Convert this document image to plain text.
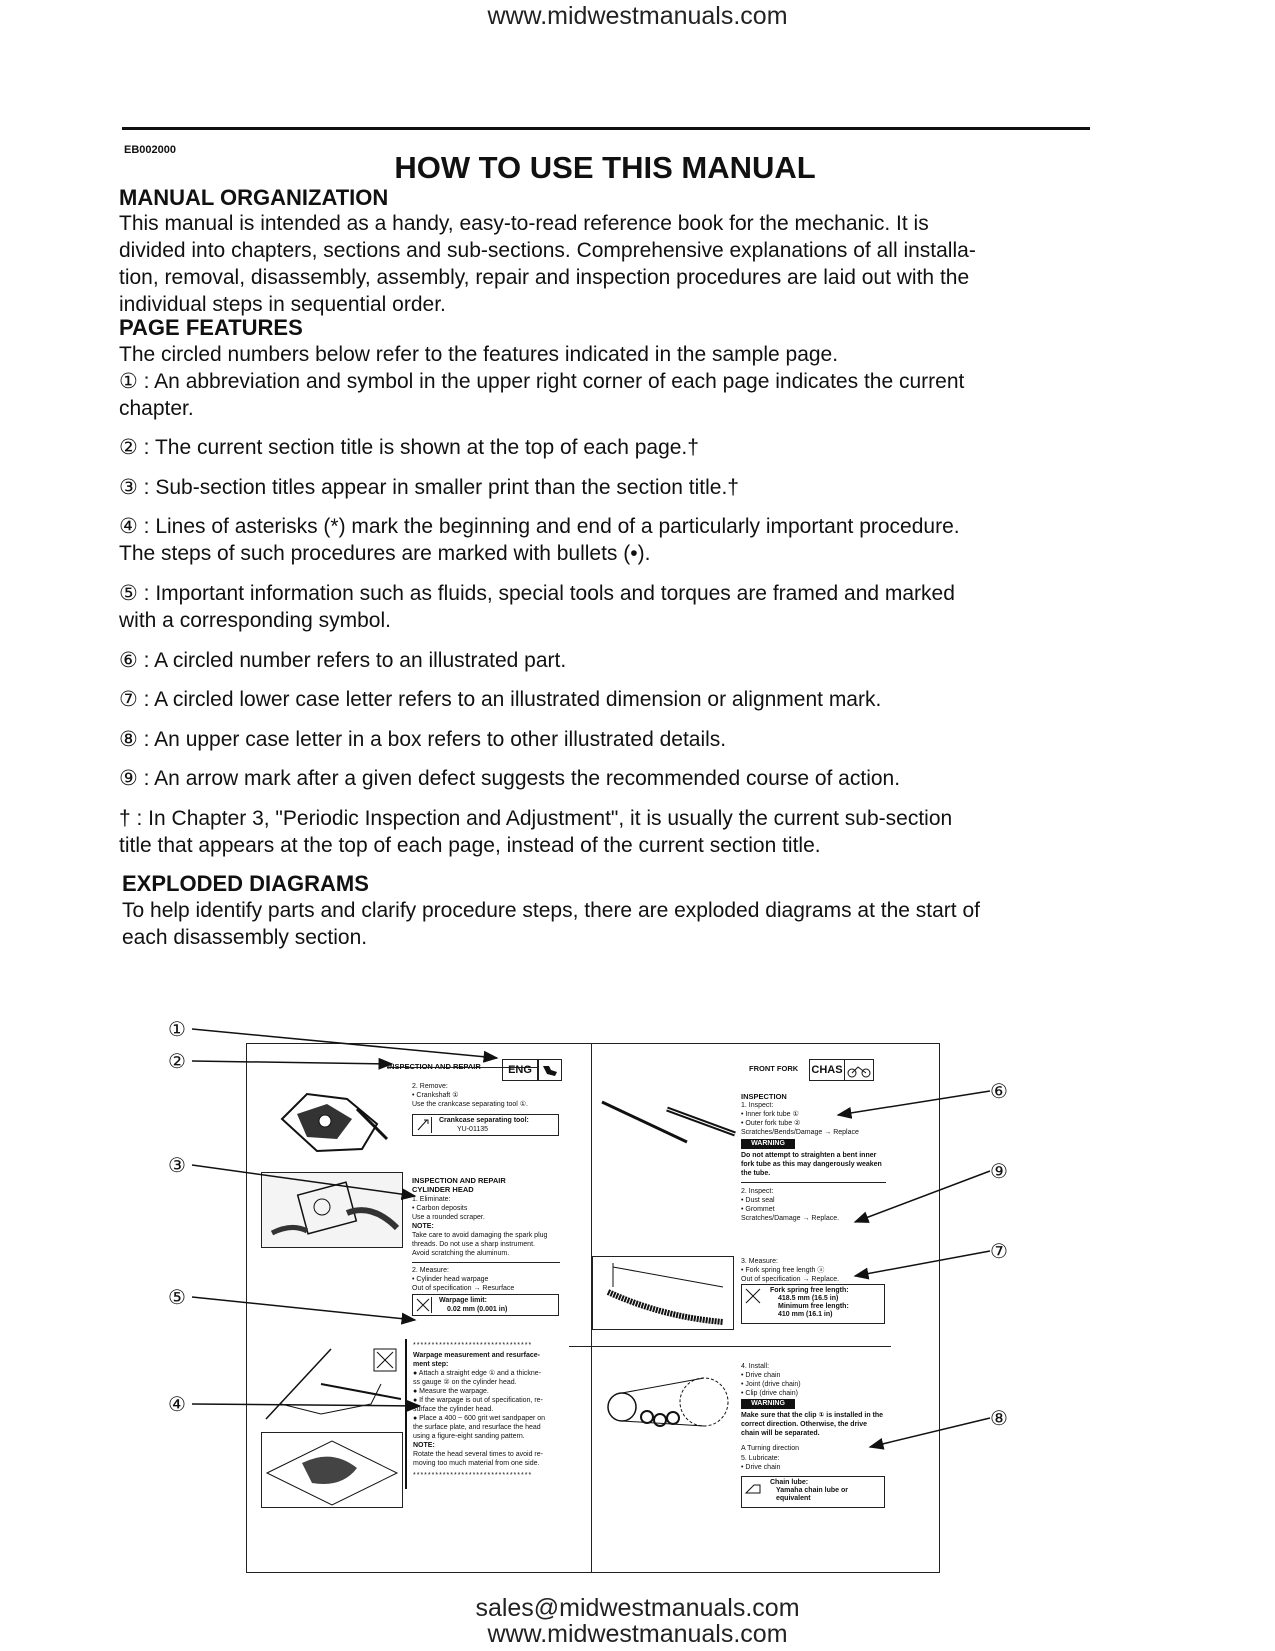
www.midwestmanuals.com
EB002000	HOW TO USE THIS MANUAL
MANUAL ORGANIZATION
This manual is intended as a handy, easy-to-read reference book for the mechanic. It is
divided into chapters, sections and sub-sections. Comprehensive explanations of all installa-
tion, removal, disassembly, assembly, repair and inspection procedures are laid out with the
individual steps in sequential order.
PAGE FEATURES
The circled numbers below refer to the features indicated in the sample page.
① : An abbreviation and symbol in the upper right corner of each page indicates the current
chapter.
② : The current section title is shown at the top of each page.†
③ : Sub-section titles appear in smaller print than the section title.†
④ : Lines of asterisks (*) mark the beginning and end of a particularly important procedure.
The steps of such procedures are marked with bullets (•).
⑤ : Important information such as fluids, special tools and torques are framed and marked
with a corresponding symbol.
⑥ : A circled number refers to an illustrated part.
⑦ : A circled lower case letter refers to an illustrated dimension or alignment mark.
⑧ : An upper case letter in a box refers to other illustrated details.
⑨ : An arrow mark after a given defect suggests the recommended course of action.
† : In Chapter 3, "Periodic Inspection and Adjustment", it is usually the current sub-section
title that appears at the top of each page, instead of the current section title.
EXPLODED DIAGRAMS
To help identify parts and clarify procedure steps, there are exploded diagrams at the start of
each disassembly section.
INSPECTION AND REPAIR	ENG
2. Remove:
• Crankshaft ①
Use the crankcase separating tool ①.
Crankcase separating tool:
YU-01135
INSPECTION AND REPAIR
CYLINDER HEAD
1. Eliminate:
• Carbon deposits
Use a rounded scraper.
NOTE:
Take care to avoid damaging the spark plug
threads. Do not use a sharp instrument.
Avoid scratching the aluminum.
2. Measure:
• Cylinder head warpage
Out of specification → Resurface
Warpage limit:
0.02 mm (0.001 in)
********************************
Warpage measurement and resurface-
ment step:
● Attach a straight edge ① and a thickne-
ss gauge ② on the cylinder head.
● Measure the warpage.
● If the warpage is out of specification, re-
surface the cylinder head.
● Place a 400 ~ 600 grit wet sandpaper on
the surface plate, and resurface the head
using a figure-eight sanding pattern.
NOTE:
Rotate the head several times to avoid re-
moving too much material from one side.
********************************
FRONT FORK CHAS
INSPECTION
1. Inspect:
• Inner fork tube ①
• Outer fork tube ②
Scratches/Bends/Damage → Replace
WARNING
Do not attempt to straighten a bent inner
fork tube as this may dangerously weaken
the tube.
2. Inspect:
• Dust seal
• Grommet
Scratches/Damage → Replace.
3. Measure:
• Fork spring free length ⓐ
Out of specification → Replace.
Fork spring free length:
418.5 mm (16.5 in)
Minimum free length:
410 mm (16.1 in)
4. Install:
• Drive chain
• Joint (drive chain)
• Clip (drive chain)
WARNING
Make sure that the clip ① is installed in the
correct direction. Otherwise, the drive
chain will be separated.
A Turning direction
5. Lubricate:
• Drive chain
Chain lube:
Yamaha chain lube or
equivalent
①
②
③
④
⑤
⑥
⑦
⑧
⑨
sales@midwestmanuals.com
www.midwestmanuals.com
